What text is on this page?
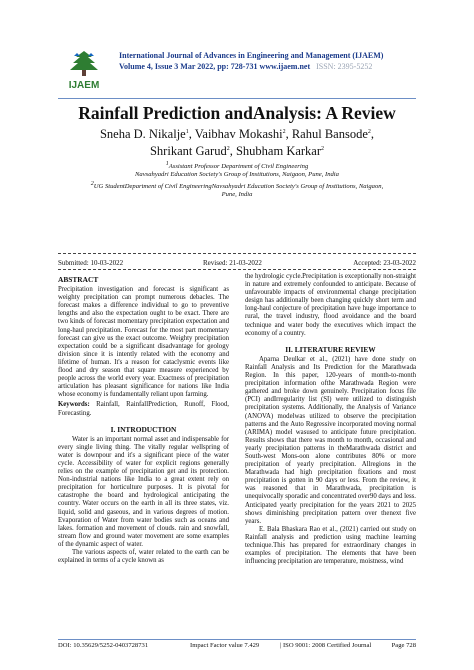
IJAEM
International Journal of Advances in Engineering and Management (IJAEM)
Volume 4, Issue 3 Mar 2022, pp: 728-731 www.ijaem.net ISSN: 2395-5252
Rainfall Prediction andAnalysis: A Review
Sneha D. Nikalje$^1$, Vaibhav Mokashi$^2$, Rahul Bansode$^2$,
Shrikant Garud$^2$, Shubham Karkar$^2$
$^1$Assistant Professor Department of Civil Engineering
Navsahyadri Education Society's Group of Institutions, Naigaon, Pune, India
$^2$UG StudentDepartment of Civil EngineeringNavsahyadri Education Society's Group of Institutions, Naigaon,
Pune, India
Submitted: 10-03-2022	Revised: 21-03-2022	Accepted: 23-03-2022
ABSTRACT

Precipitation investigation and forecast is significant as weighty precipitation can prompt numerous debacles. The forecast makes a difference individual to go to preventive lengths and also the expectation ought to be exact. There are two kinds of forecast momentary precipitation expectation and long-haul precipitation. Forecast for the most part momentary forecast can give us the exact outcome. Weighty precipitation expectation could be a significant disadvantage for geology division since it is intently related with the economy and lifetime of human. It's a reason for cataclysmic events like flood and dry season that square measure experienced by people across the world every year. Exactness of precipitation articulation has pleasant significance for nations like India whose economy is fundamentally reliant upon farming.

Keywords: Rainfall, RainfallPrediction, Runoff, Flood, Forecasting.

I. INTRODUCTION

Water is an important normal asset and indispensable for every single living thing. The vitally regular wellspring of water is downpour and it's a significant piece of the water cycle. Accessibility of water for explicit regions generally relies on the example of precipitation get and its protection. Non-industrial nations like India to a great extent rely on precipitation for horticulture purposes. It is pivotal for catastrophe the board and hydrological anticipating the country. Water occurs on the earth in all its three states, viz. liquid, solid and gaseous, and in various degrees of motion. Evaporation of Water from water bodies such as oceans and lakes. formation and movement of clouds. rain and snowfall, stream flow and ground water movement are some examples of the dynamic aspect of water.

The various aspects of, water related to the earth can be explained in terms of a cycle known as

the hydrologic cycle.Precipitation is exceptionally non-straight in nature and extremely confounded to anticipate. Because of unfavourable impacts of environmental change precipitation design has additionally been changing quickly short term and long-haul conjecture of precipitation have huge importance to rural, the travel industry, flood avoidance and the board technique and water body the executives which impact the economy of a country.

II. LITERATURE REVIEW

Aparna Deulkar et al., (2021) have done study on Rainfall Analysis and Its Prediction for the Marathwada Region. In this paper, 120-years of month-to-month precipitation information ofthe Marathwada Region were gathered and broke down genuinely. Precipitation focus file (PCI) andIrregularity list (SI) were utilized to distinguish precipitation systems. Additionally, the Analysis of Variance (ANOVA) modelwas utilized to observe the precipitation patterns and the Auto Regressive incorporated moving normal (ARIMA) model wasused to anticipate future precipitation. Results shows that there was month to month, occasional and yearly precipitation patterns in theMarathwada district and South-west Mons-oon alone contributes 80% or more precipitation of yearly precipitation. Allregions in the Marathwada had high precipitation fixations and most precipitation is gotten in 90 days or less. From the review, it was reasoned that in Marathwada, precipitation is unequivocally sporadic and concentrated over90 days and less. Anticipated yearly precipitation for the years 2021 to 2025 shows diminishing precipitation pattern over thenext five years.

E. Bala Bhaskara Rao et al., (2021) carried out study on Rainfall analysis and prediction using machine learning technique.This has prepared for extraordinary changes in examples of precipitation. The elements that have been influencing precipitation are temperature, moistness, wind

DOI: 10.35629/5252-0403728731	Impact Factor value 7.429	| ISO 9001: 2008 Certified Journal	Page 728
